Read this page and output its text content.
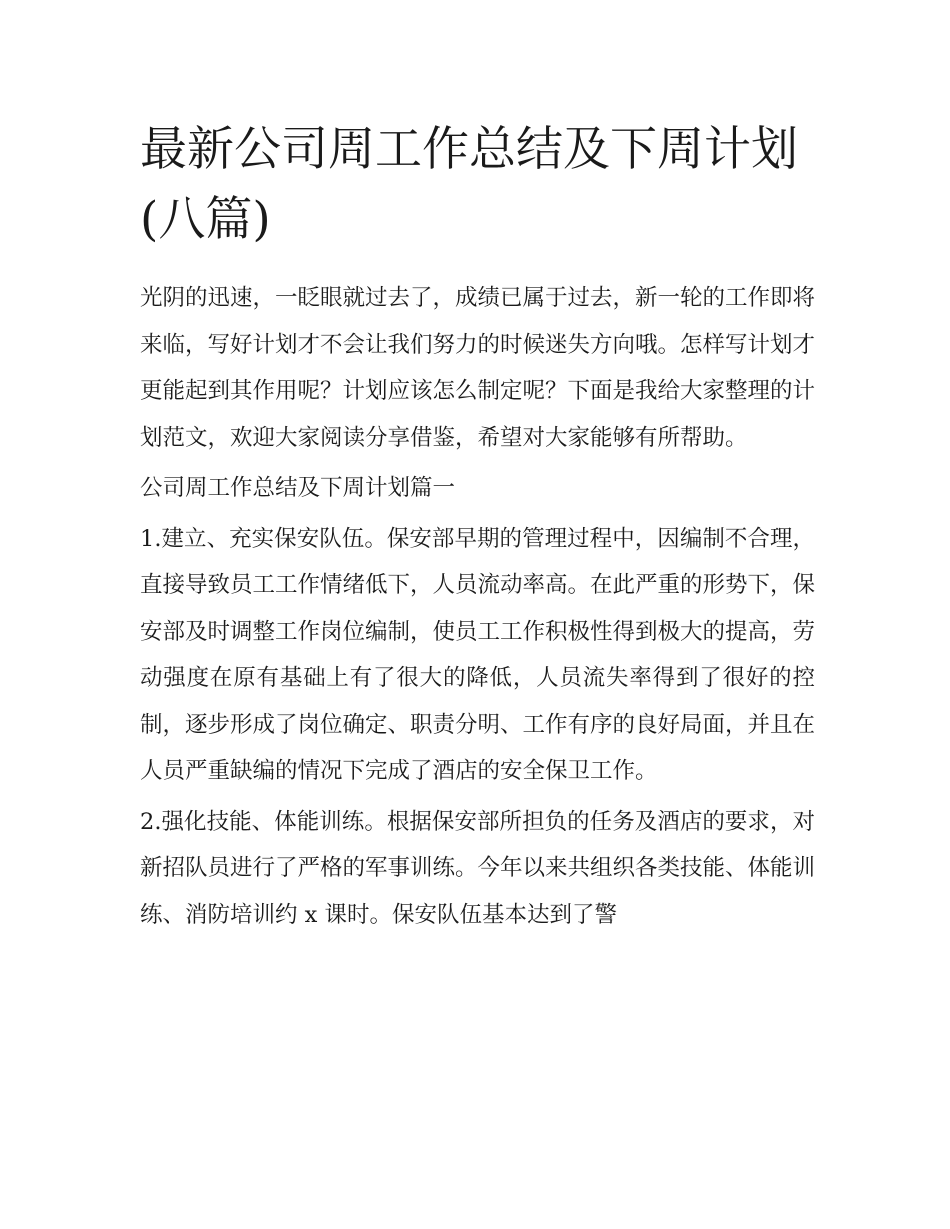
最新公司周工作总结及下周计划(八篇)

光阴的迅速，一眨眼就过去了，成绩已属于过去，新一轮的工作即将来临，写好计划才不会让我们努力的时候迷失方向哦。怎样写计划才更能起到其作用呢？计划应该怎么制定呢？下面是我给大家整理的计划范文，欢迎大家阅读分享借鉴，希望对大家能够有所帮助。

公司周工作总结及下周计划篇一

1.建立、充实保安队伍。保安部早期的管理过程中，因编制不合理，直接导致员工工作情绪低下，人员流动率高。在此严重的形势下，保安部及时调整工作岗位编制，使员工工作积极性得到极大的提高，劳动强度在原有基础上有了很大的降低，人员流失率得到了很好的控制，逐步形成了岗位确定、职责分明、工作有序的良好局面，并且在人员严重缺编的情况下完成了酒店的安全保卫工作。

2.强化技能、体能训练。根据保安部所担负的任务及酒店的要求，对新招队员进行了严格的军事训练。今年以来共组织各类技能、体能训练、消防培训约 x 课时。保安队伍基本达到了警
